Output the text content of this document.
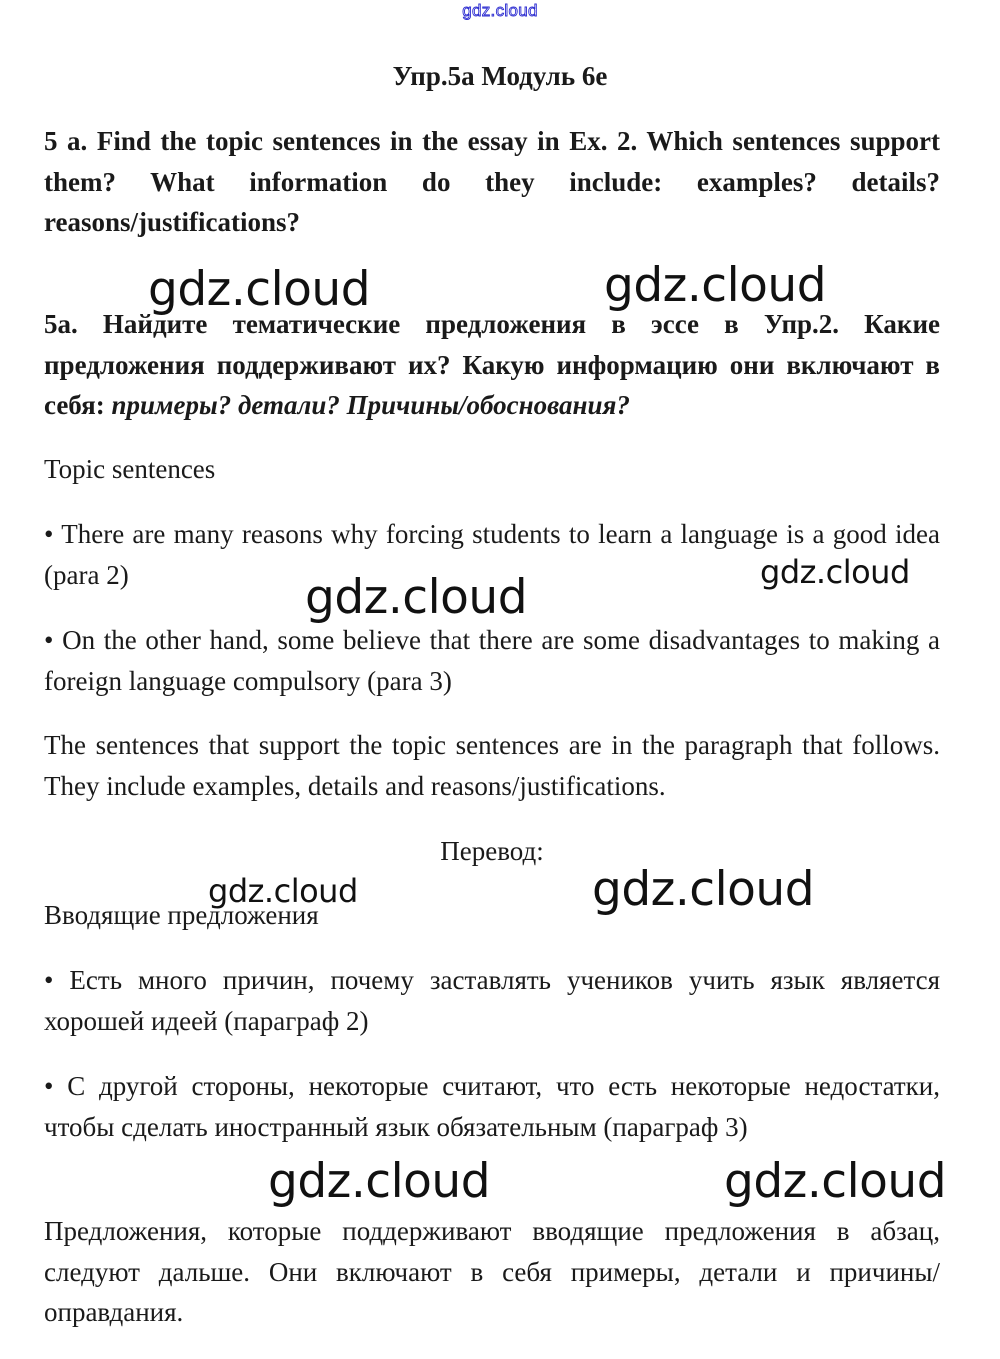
gdz.cloud
Упр.5а Модуль 6е

5 a. Find the topic sentences in the essay in Ex. 2. Which sentences support them? What information do they include: examples? details? reasons/justifications?

5а. Найдите тематические предложения в эссе в Упр.2. Какие предложения поддерживают их? Какую информацию они включают в себя: примеры? детали? Причины/обоснования?

Topic sentences

• There are many reasons why forcing students to learn a language is a good idea (para 2)

• On the other hand, some believe that there are some disadvantages to making a foreign language compulsory (para 3)

The sentences that support the topic sentences are in the paragraph that follows. They include examples, details and reasons/justifications.

Перевод:

Вводящие предложения

• Есть много причин, почему заставлять учеников учить язык является хорошей идеей (параграф 2)

• С другой стороны, некоторые считают, что есть некоторые недостатки, чтобы сделать иностранный язык обязательным (параграф 3)

Предложения, которые поддерживают вводящие предложения в абзац, следуют дальше. Они включают в себя примеры, детали и причины/оправдания.

gdz.cloud	gdz.cloud
gdz.cloud
gdz.cloud
gdz.cloud	gdz.cloud
gdz.cloud	gdz.cloud
